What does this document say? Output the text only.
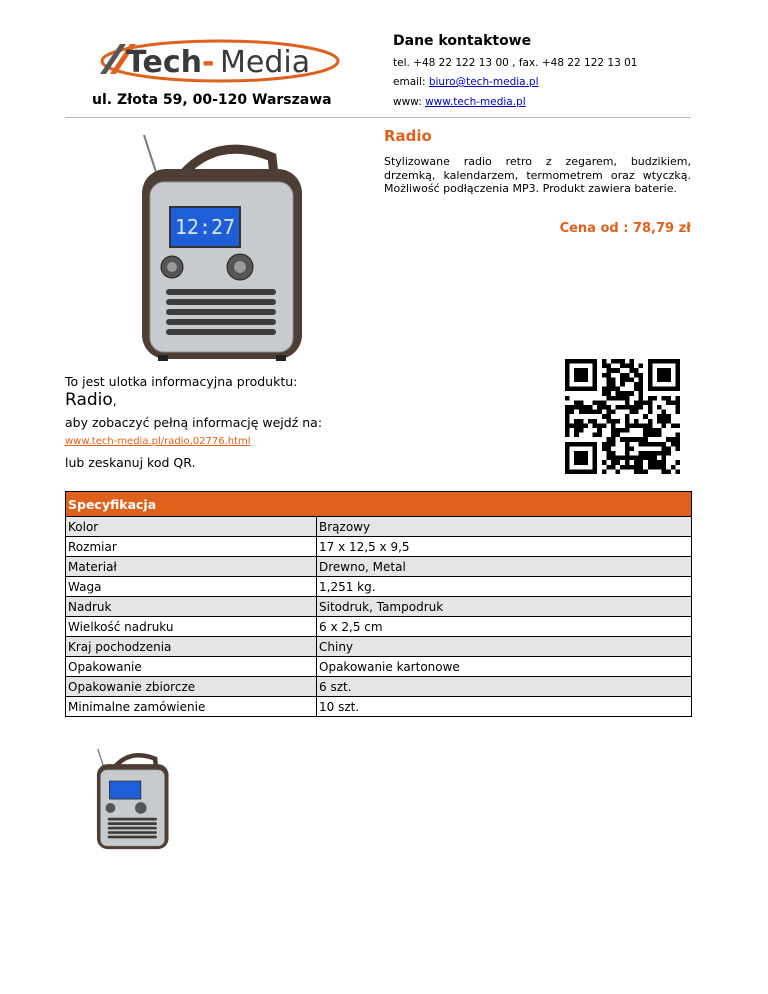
Tech - Media
ul. Złota 59, 00-120 Warszawa
Dane kontaktowe
tel. +48 22 122 13 00 , fax. +48 22 122 13 01
email: biuro@tech-media.pl
www: www.tech-media.pl
12:27
Radio
Stylizowane radio retro z zegarem, budzikiem, drzemką, kalendarzem, termometrem oraz wtyczką. Możliwość podłączenia MP3. Produkt zawiera baterie.
Cena od : 78,79 zł
To jest ulotka informacyjna produktu:
Radio,
aby zobaczyć pełną informację wejdź na:
www.tech-media.pl/radio,02776.html
lub zeskanuj kod QR.
Specyfikacja	
Kolor	Brązowy
Rozmiar	17 x 12,5 x 9,5
Materiał	Drewno, Metal
Waga	1,251 kg.
Nadruk	Sitodruk, Tampodruk
Wielkość nadruku	6 x 2,5 cm
Kraj pochodzenia	Chiny
Opakowanie	Opakowanie kartonowe
Opakowanie zbiorcze	6 szt.
Minimalne zamówienie	10 szt.
